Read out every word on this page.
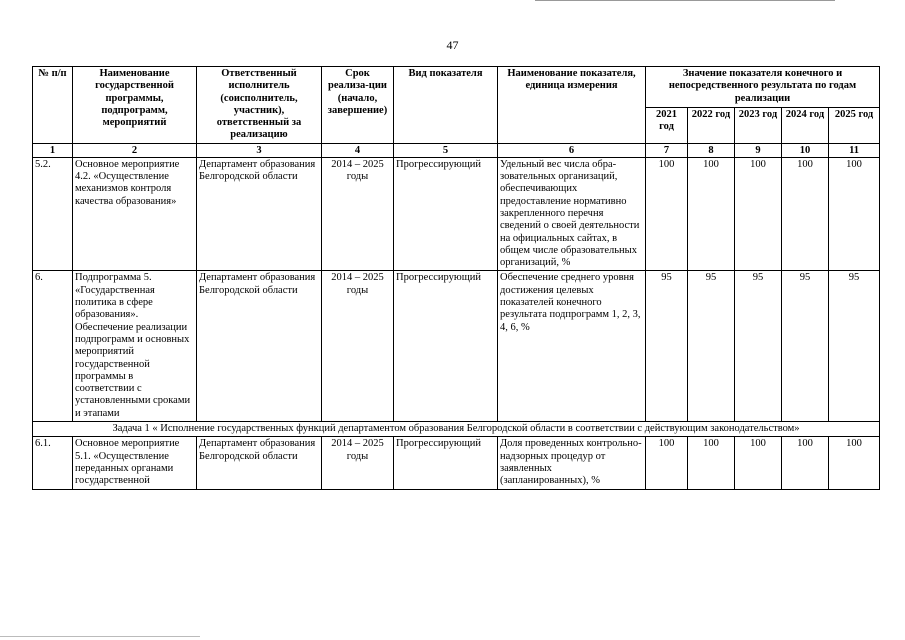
47
№ п/п	Наименование государственной программы, подпрограмм, мероприятий	Ответственный исполнитель (соисполнитель, участник), ответственный за реализацию	Срок реализа-ции (начало, завершение)	Вид показателя	Наименование показателя, единица измерения	Значение показателя конечного и непосредственного результата по годам реализации				
						2021 год	2022 год	2023 год	2024 год	2025 год
1	2	3	4	5	6	7	8	9	10	11
5.2.	Основное мероприятие 4.2. «Осуществление механизмов контроля качества образования»	Департамент образования Белгородской области	2014 – 2025 годы	Прогрессирующий	Удельный вес числа обра-зовательных организаций, обеспечивающих предоставление нормативно закрепленного перечня сведений о своей деятельности на официальных сайтах, в общем числе образовательных организаций, %	100	100	100	100	100
6.	Подпрограмма 5. «Государственная политика в сфере образования». Обеспечение реализации подпрограмм и основных мероприятий государственной программы в соответствии с установленными сроками и этапами	Департамент образования Белгородской области	2014 – 2025 годы	Прогрессирующий	Обеспечение среднего уровня достижения целевых показателей конечного результата подпрограмм 1, 2, 3, 4, 6, %	95	95	95	95	95
Задача 1 « Исполнение государственных функций департаментом образования Белгородской области в соответствии с действующим законодательством»										
6.1.	Основное мероприятие 5.1. «Осуществление переданных органами государственной	Департамент образования Белгородской области	2014 – 2025 годы	Прогрессирующий	Доля проведенных контрольно-надзорных процедур от заявленных (запланированных), %	100	100	100	100	100
